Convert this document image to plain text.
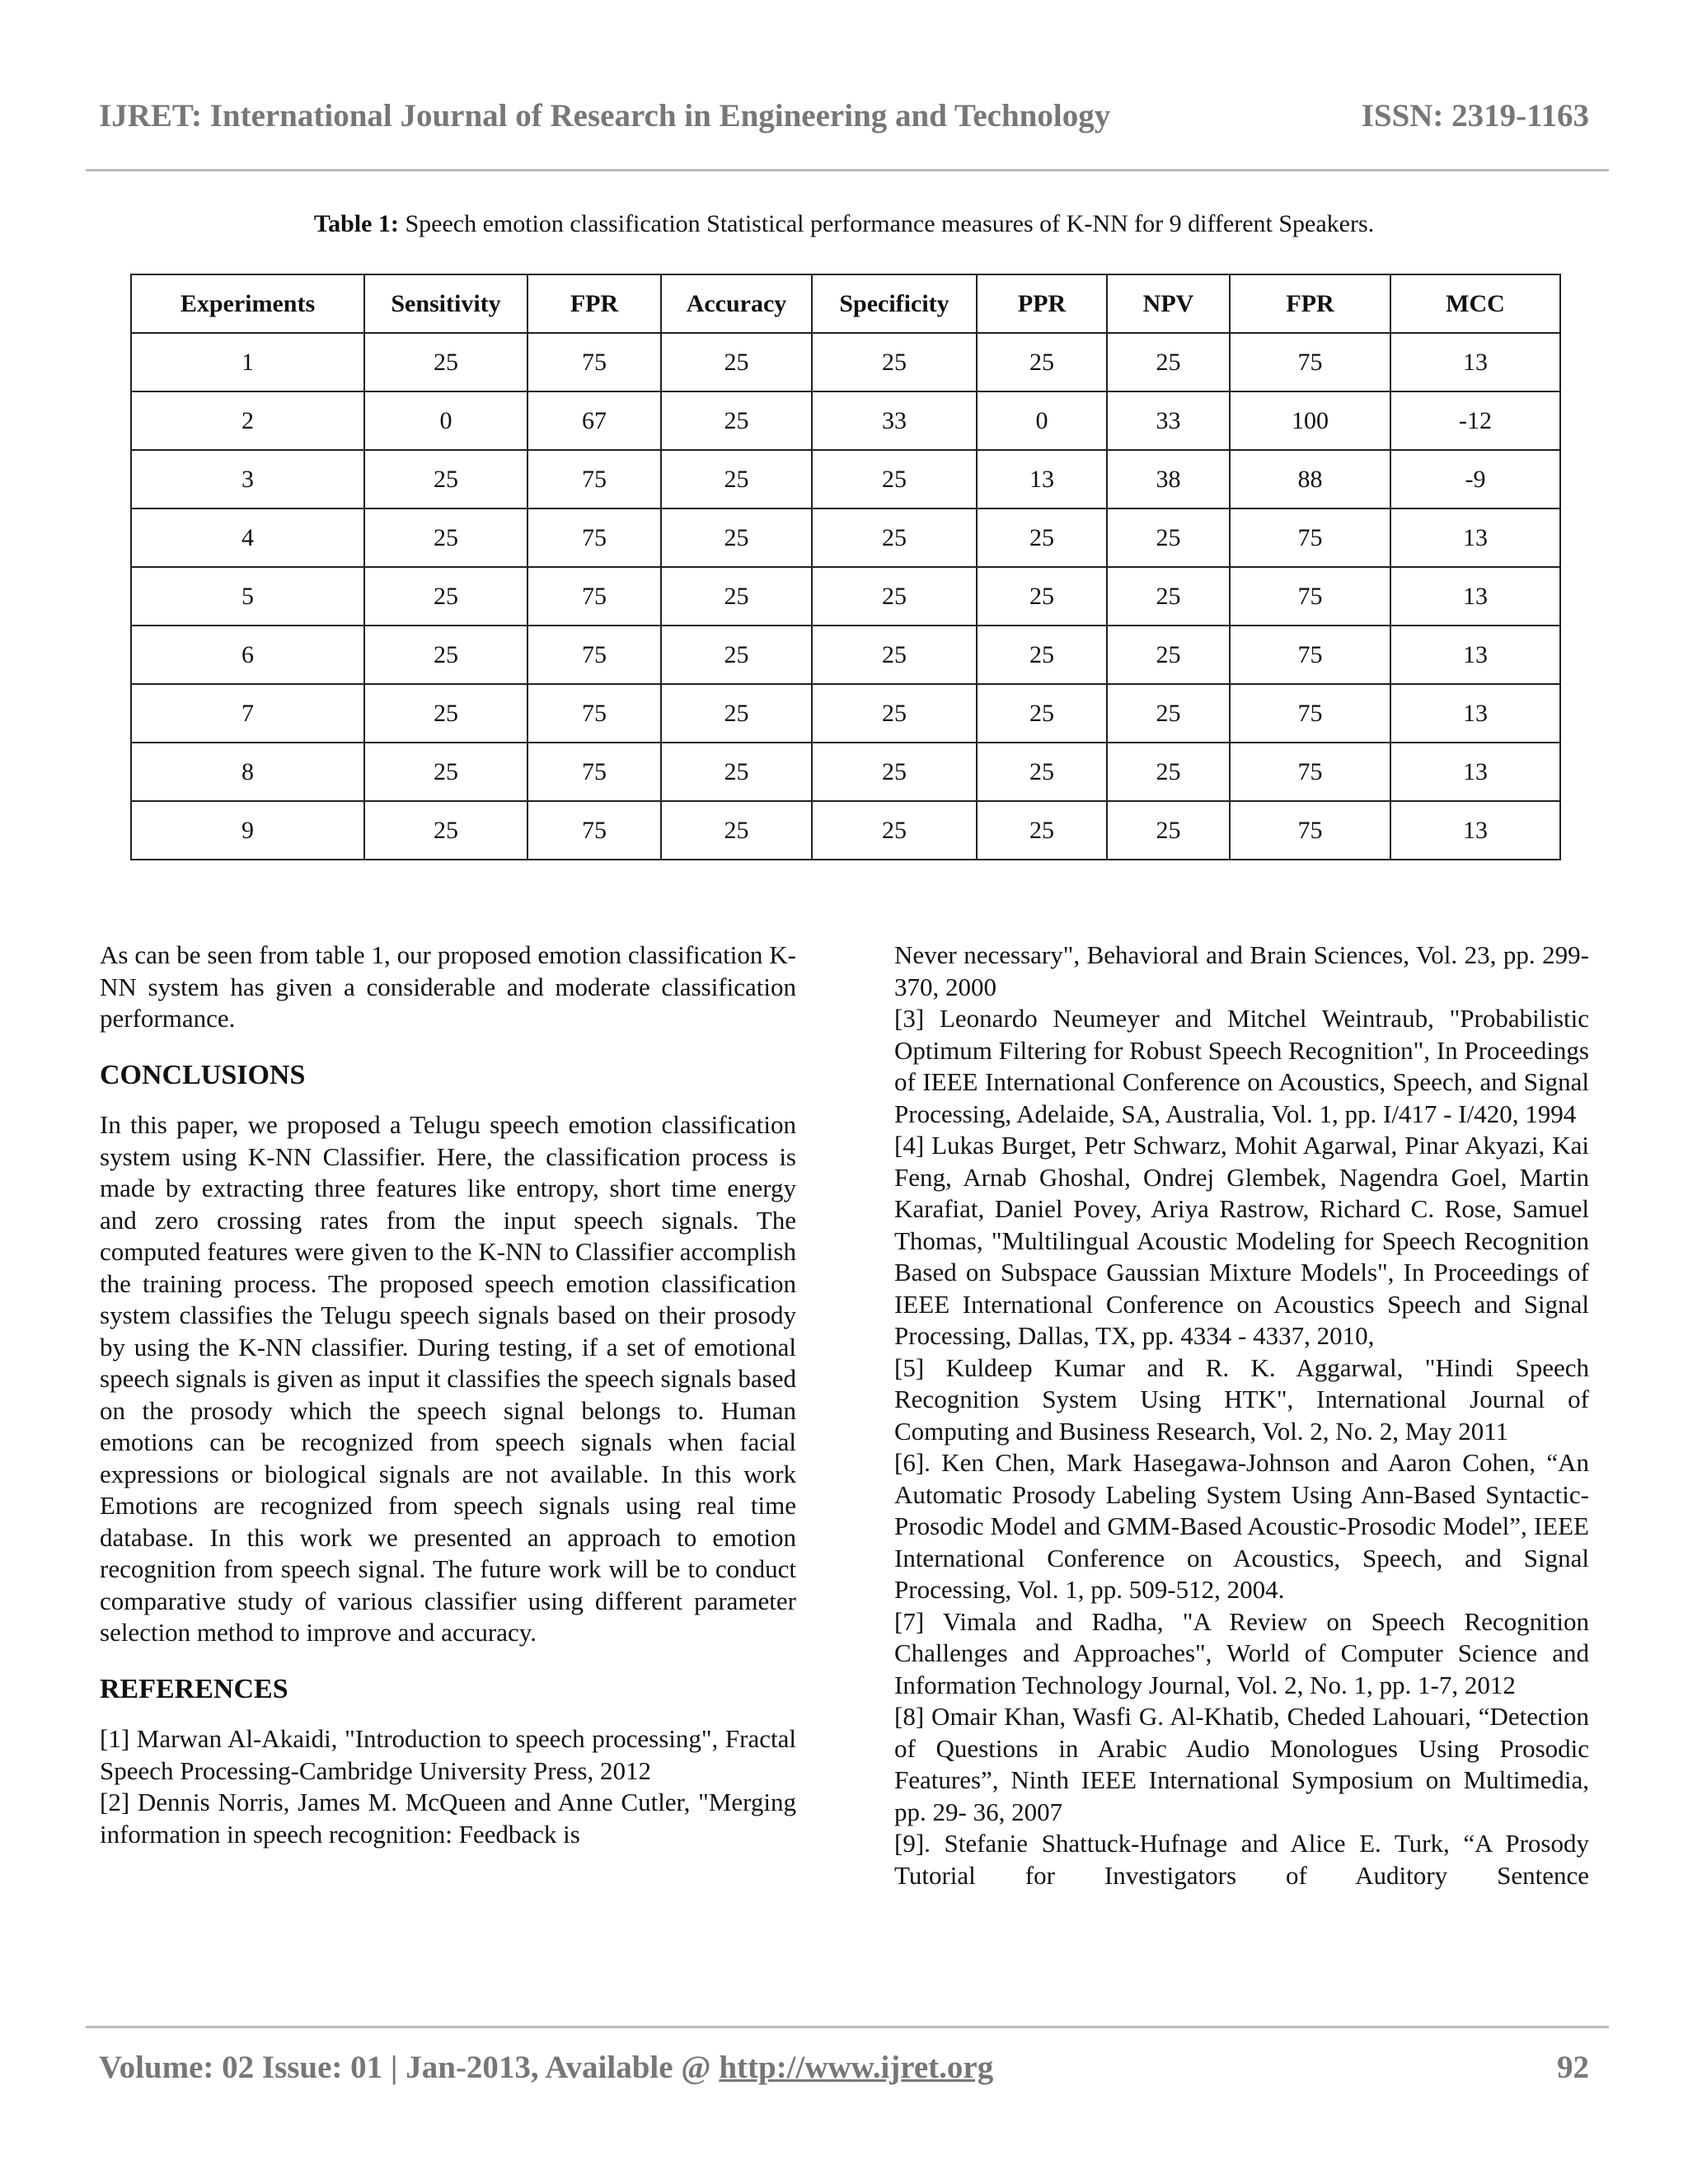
IJRET: International Journal of Research in Engineering and Technology	ISSN: 2319-1163
Table 1: Speech emotion classification Statistical performance measures of K-NN for 9 different Speakers.
Experiments	Sensitivity	FPR	Accuracy	Specificity	PPR	NPV	FPR	MCC
1	25	75	25	25	25	25	75	13
2	0	67	25	33	0	33	100	-12
3	25	75	25	25	13	38	88	-9
4	25	75	25	25	25	25	75	13
5	25	75	25	25	25	25	75	13
6	25	75	25	25	25	25	75	13
7	25	75	25	25	25	25	75	13
8	25	75	25	25	25	25	75	13
9	25	75	25	25	25	25	75	13

As can be seen from table 1, our proposed emotion classification K-NN system has given a considerable and moderate classification performance.

CONCLUSIONS

In this paper, we proposed a Telugu speech emotion classification system using K-NN Classifier. Here, the classification process is made by extracting three features like entropy, short time energy and zero crossing rates from the input speech signals. The computed features were given to the K-NN to Classifier accomplish the training process. The proposed speech emotion classification system classifies the Telugu speech signals based on their prosody by using the K-NN classifier. During testing, if a set of emotional speech signals is given as input it classifies the speech signals based on the prosody which the speech signal belongs to. Human emotions can be recognized from speech signals when facial expressions or biological signals are not available. In this work Emotions are recognized from speech signals using real time database. In this work we presented an approach to emotion recognition from speech signal. The future work will be to conduct comparative study of various classifier using different parameter selection method to improve and accuracy.

REFERENCES

[1] Marwan Al-Akaidi, "Introduction to speech processing", Fractal Speech Processing-Cambridge University Press, 2012

[2] Dennis Norris, James M. McQueen and Anne Cutler, "Merging information in speech recognition: Feedback is

Never necessary", Behavioral and Brain Sciences, Vol. 23, pp. 299-370, 2000

[3] Leonardo Neumeyer and Mitchel Weintraub, "Probabilistic Optimum Filtering for Robust Speech Recognition", In Proceedings of IEEE International Conference on Acoustics, Speech, and Signal Processing, Adelaide, SA, Australia, Vol. 1, pp. I/417 - I/420, 1994

[4] Lukas Burget, Petr Schwarz, Mohit Agarwal, Pinar Akyazi, Kai Feng, Arnab Ghoshal, Ondrej Glembek, Nagendra Goel, Martin Karafiat, Daniel Povey, Ariya Rastrow, Richard C. Rose, Samuel Thomas, "Multilingual Acoustic Modeling for Speech Recognition Based on Subspace Gaussian Mixture Models", In Proceedings of IEEE International Conference on Acoustics Speech and Signal Processing, Dallas, TX, pp. 4334 - 4337, 2010,

[5] Kuldeep Kumar and R. K. Aggarwal, "Hindi Speech Recognition System Using HTK", International Journal of Computing and Business Research, Vol. 2, No. 2, May 2011

[6]. Ken Chen, Mark Hasegawa-Johnson and Aaron Cohen, “An Automatic Prosody Labeling System Using Ann-Based Syntactic-Prosodic Model and GMM-Based Acoustic-Prosodic Model”, IEEE International Conference on Acoustics, Speech, and Signal Processing, Vol. 1, pp. 509-512, 2004.

[7] Vimala and Radha, "A Review on Speech Recognition Challenges and Approaches", World of Computer Science and Information Technology Journal, Vol. 2, No. 1, pp. 1-7, 2012

[8] Omair Khan, Wasfi G. Al-Khatib, Cheded Lahouari, “Detection of Questions in Arabic Audio Monologues Using Prosodic Features”, Ninth IEEE International Symposium on Multimedia, pp. 29- 36, 2007

[9]. Stefanie Shattuck-Hufnage and Alice E. Turk, “A Prosody Tutorial for Investigators of Auditory Sentence

Volume: 02 Issue: 01 | Jan-2013, Available @ http://www.ijret.org	92
